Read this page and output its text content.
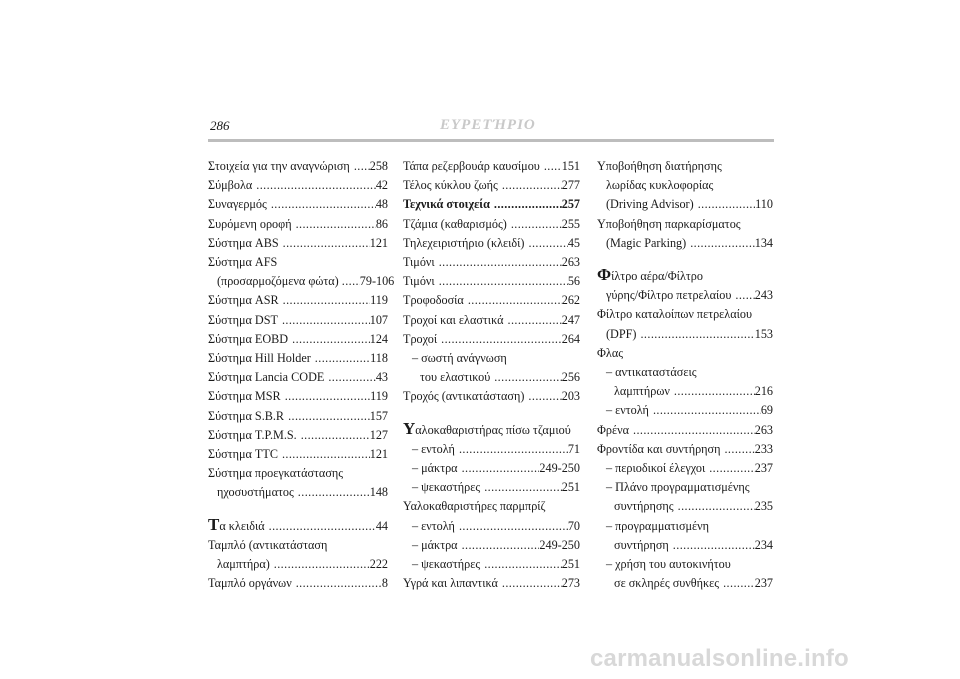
286	ΕΥΡΕΤΉΡΙΟ
Στοιχεία για την αναγνώριση ..... 258
Σύμβολα .....	42
Συναγερμός .....	48
Συρόμενη οροφή .....	86
Σύστημα ABS .....	121
Σύστημα AFS
(προσαρμοζόμενα φώτα) ..... 79-106
Σύστημα ASR .....	119
Σύστημα DST .....	107
Σύστημα EOBD .....	124
Σύστημα Hill Holder .....	118
Σύστημα Lancia CODE .....	43
Σύστημα MSR .....	119
Σύστημα S.B.R .....	157
Σύστημα T.P.M.S. .....	127
Σύστημα TTC .....	121
Σύστημα προεγκατάστασης
ηχοσυστήματος .....	148
Τα κλειδιά .....	44
Ταμπλό (αντικατάσταση
λαμπτήρα) .....	222
Ταμπλό οργάνων .....	8
Τάπα ρεζερβουάρ καυσίμου ..... 151
Τέλος κύκλου ζωής .....	277
Τεχνικά στοιχεία .....	257
Τζάμια (καθαρισμός) .....	255
Τηλεχειριστήριο (κλειδί) .....	45
Τιμόνι .....	263
Τιμόνι .....	56
Τροφοδοσία .....	262
Τροχοί και ελαστικά .....	247
Τροχοί .....	264
– σωστή ανάγνωση
του ελαστικού .....	256
Τροχός (αντικατάσταση) .....	203
Υαλοκαθαριστήρας πίσω τζαμιού
– εντολή .....	71
– μάκτρα .....	249-250
– ψεκαστήρες .....	251
Υαλοκαθαριστήρες παρμπρίζ
– εντολή .....	70
– μάκτρα .....	249-250
– ψεκαστήρες .....	251
Υγρά και λιπαντικά .....	273
Υποβοήθηση διατήρησης
λωρίδας κυκλοφορίας
(Driving Advisor) .....	110
Υποβοήθηση παρκαρίσματος
(Magic Parking) .....	134
Φίλτρο αέρα/Φίλτρο
γύρης/Φίλτρο πετρελαίου ..... 243
Φίλτρο καταλοίπων πετρελαίου
(DPF) .....	153
Φλας
– αντικαταστάσεις
λαμπτήρων .....	216
– εντολή .....	69
Φρένα .....	263
Φροντίδα και συντήρηση .....	233
– περιοδικοί έλεγχοι .....	237
– Πλάνο προγραμματισμένης
συντήρησης .....	235
– προγραμματισμένη
συντήρηση .....	234
– χρήση του αυτοκινήτου
σε σκληρές συνθήκες .....	237
carmanualsonline.info
